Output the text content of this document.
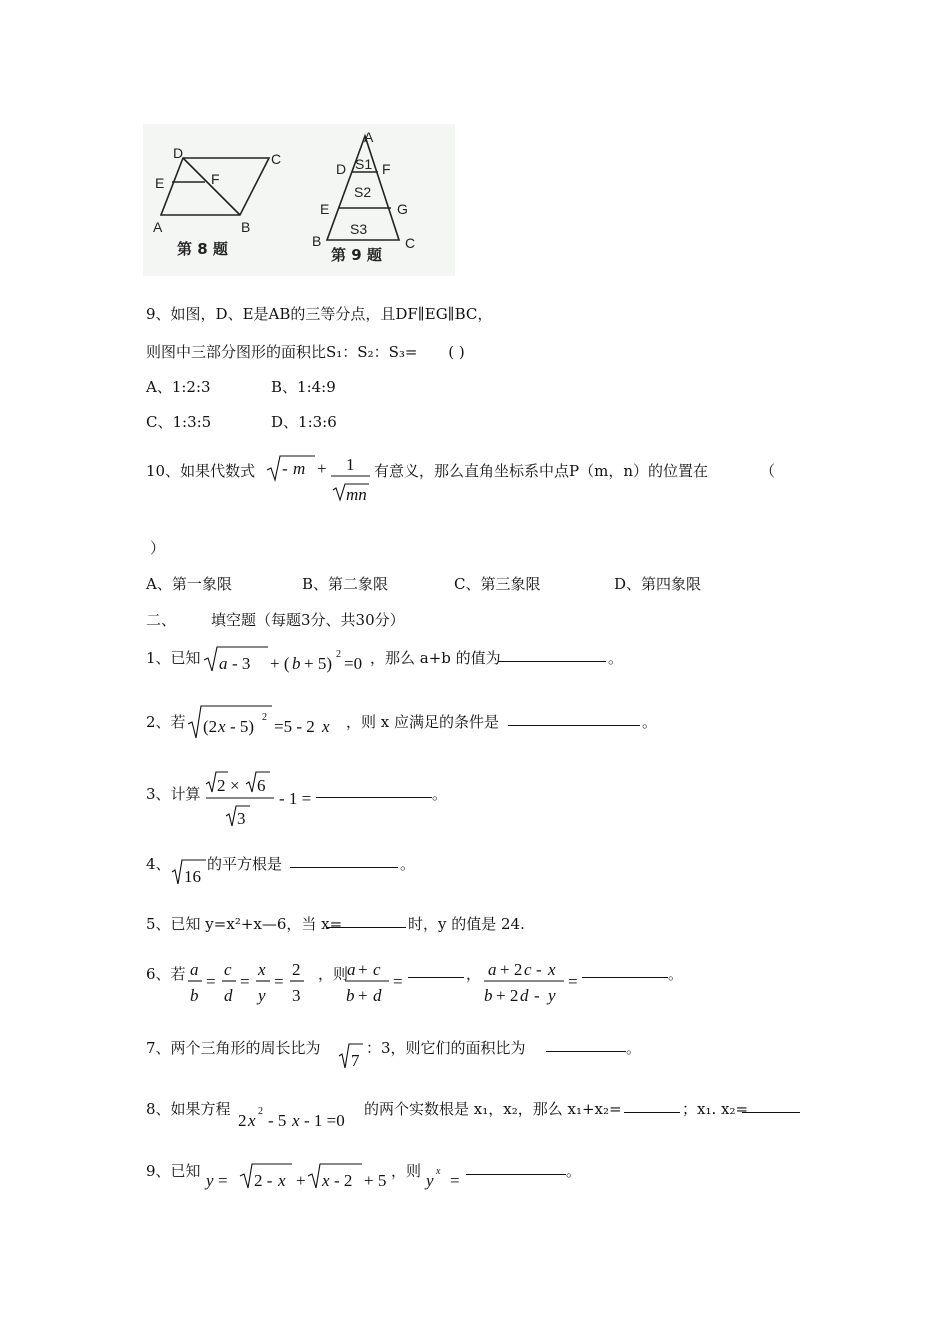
D	C
E	F
A	B
第 8 题
A
D	F
S1
S2
E	G
S3
B	C
第 9 题
9、如图，D、E是AB的三等分点，且DF∥EG∥BC，
则图中三部分图形的面积比S₁：S₂：S₃= ( )
A、1:2:3	B、1:4:9
C、1:3:5	D、1:3:6
10、如果代数式 - m + 1
mn
有意义，那么直角坐标系中点P（m，n）的位置在	（
）
A、第一象限	B、第二象限	C、第三象限	D、第四象限
二、 填空题（每题3分、共30分）
1、已知 a - 3 + ( b + 5) 2 =0 ，那么 a+b 的值为	。
2、若 (2 x - 5) 2 =5 - 2 x ，则 x 应满足的条件是	。
3、计算 2 × 6
3
- 1 =	。
4、
16
的平方根是	。
5、已知 y=x²+x—6，当 x=	时，y 的值是 24.
6、若 a
b
=
c
d
=
x
y
=
2
3
，则
a + c
b + d
=	， a + 2 c - x
b + 2 d - y
=	。
7、两个三角形的周长比为
7
：3，则它们的面积比为	。
8、如果方程
2 x 2 - 5 x - 1 =0
的两个实数根是 x₁，x₂，那么 x₁+x₂=	；x₁. x₂=
9、已知 y = 2 - x + x - 2 + 5 ，则 y x =	。
